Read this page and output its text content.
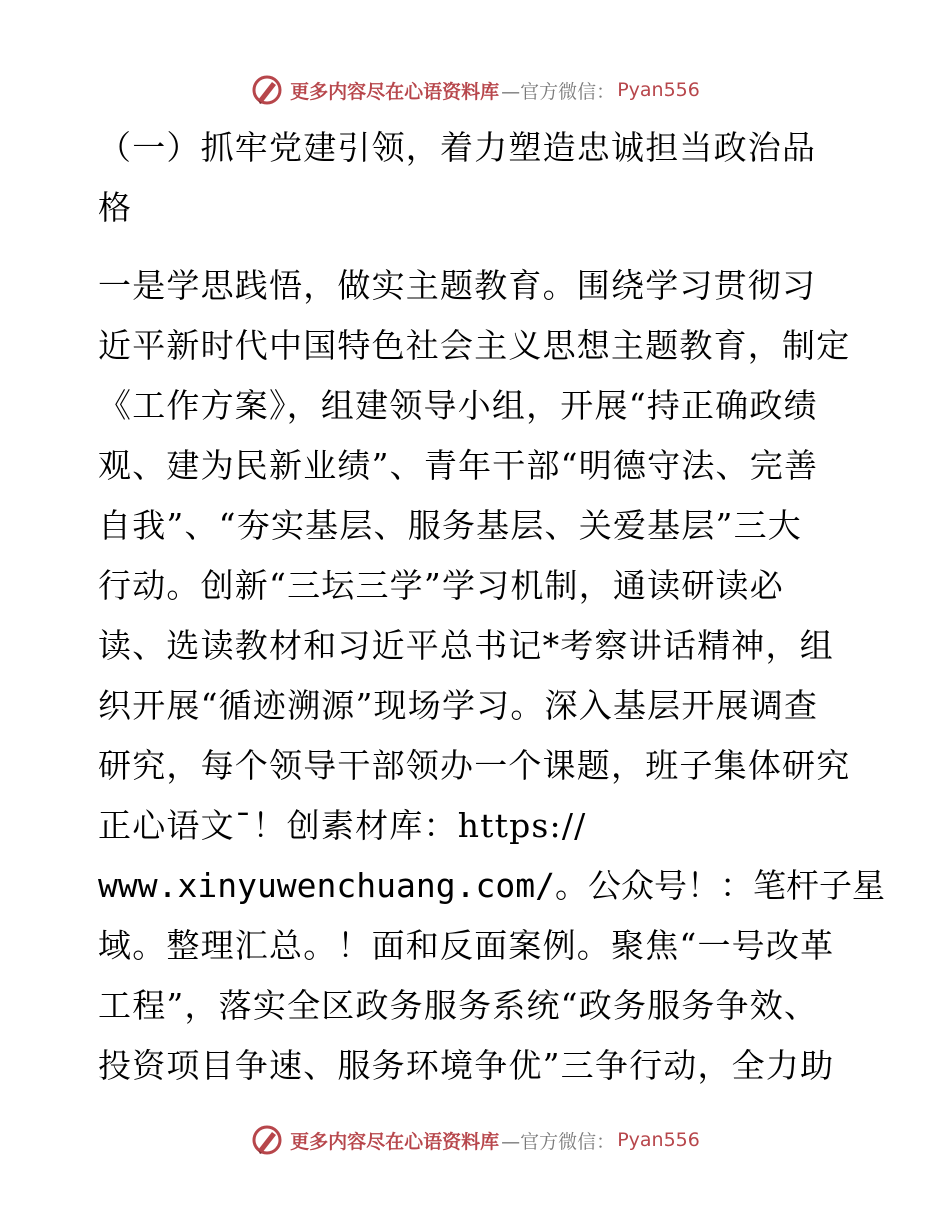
更多内容尽在心语资料库 —官方微信： Pyan556
（一）抓牢党建引领，着力塑造忠诚担当政治品
格
一是学思践悟，做实主题教育。围绕学习贯彻习
近平新时代中国特色社会主义思想主题教育，制定
《工作方案》，组建领导小组，开展“持正确政绩
观、建为民新业绩”、青年干部“明德守法、完善
自我”、“夯实基层、服务基层、关爱基层”三大
行动。创新“三坛三学”学习机制，通读研读必
读、选读教材和习近平总书记*考察讲话精神，组
织开展“循迹溯源”现场学习。深入基层开展调查
研究，每个领导干部领办一个课题，班子集体研究
正心语文¯！创素材库：https://
www.xinyuwenchuang.com/。公众号！：笔杆子星
域。整理汇总。！面和反面案例。聚焦“一号改革
工程”，落实全区政务服务系统“政务服务争效、
投资项目争速、服务环境争优”三争行动，全力助
更多内容尽在心语资料库 —官方微信： Pyan556
